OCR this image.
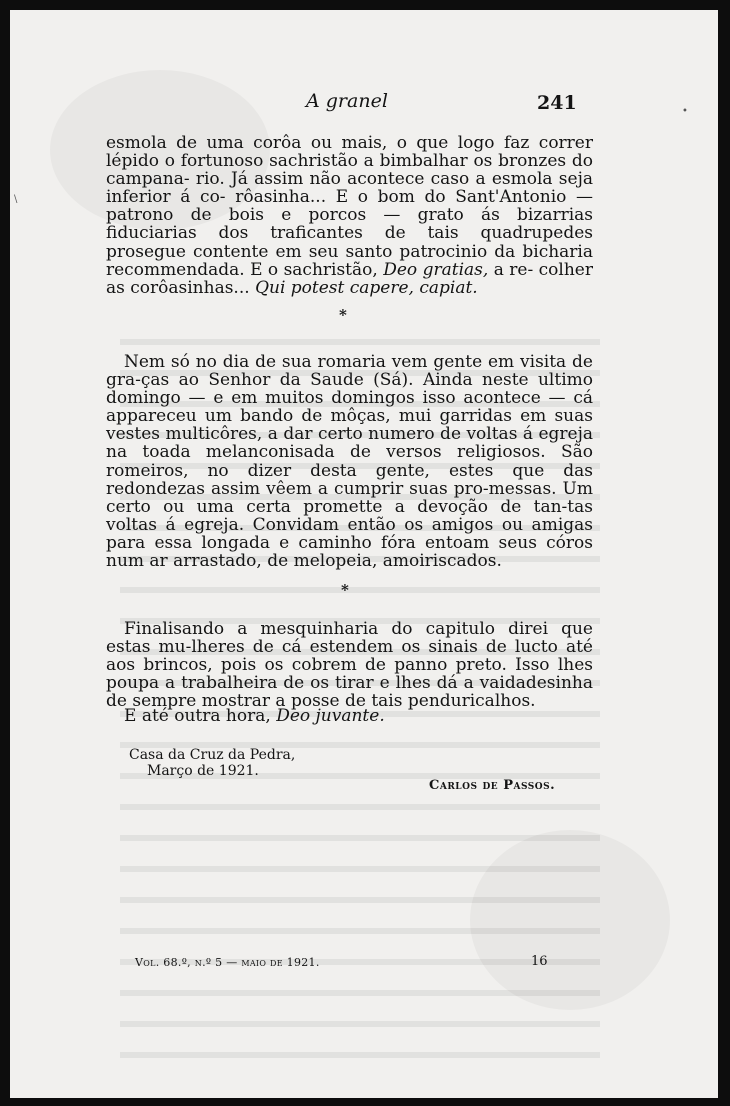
•
\
A granel	241

esmola de uma corôa ou mais, o que logo faz correr lépido o fortunoso sachristão a bimbalhar os bronzes do campana- rio. Já assim não acontece caso a esmola seja inferior á co- rôasinha... E o bom do Sant'Antonio — patrono de bois e porcos — grato ás bizarrias fiduciarias dos traficantes de tais quadrupedes prosegue contente em seu santo patrocinio da bicharia recommendada. E o sachristão, Deo gratias, a re- colher as corôasinhas... Qui potest capere, capiat.

*

Nem só no dia de sua romaria vem gente em visita de gra-ças ao Senhor da Saude (Sá). Ainda neste ultimo domingo — e em muitos domingos isso acontece — cá appareceu um bando de môças, mui garridas em suas vestes multicôres, a dar certo numero de voltas á egreja na toada melanconisada de versos religiosos. São romeiros, no dizer desta gente, estes que das redondezas assim vêem a cumprir suas pro-messas. Um certo ou uma certa promette a devoção de tan-tas voltas á egreja. Convidam então os amigos ou amigas para essa longada e caminho fóra entoam seus córos num ar arrastado, de melopeia, amoiriscados.

*

Finalisando a mesquinharia do capitulo direi que estas mu-lheres de cá estendem os sinais de lucto até aos brincos, pois os cobrem de panno preto. Isso lhes poupa a trabalheira de os tirar e lhes dá a vaidadesinha de sempre mostrar a posse de tais penduricalhos.

E até outra hora, Deo juvante.
Casa da Cruz da Pedra,
Março de 1921.
Carlos de Passos.
Vol. 68.º, n.º 5 — maio de 1921.	16
